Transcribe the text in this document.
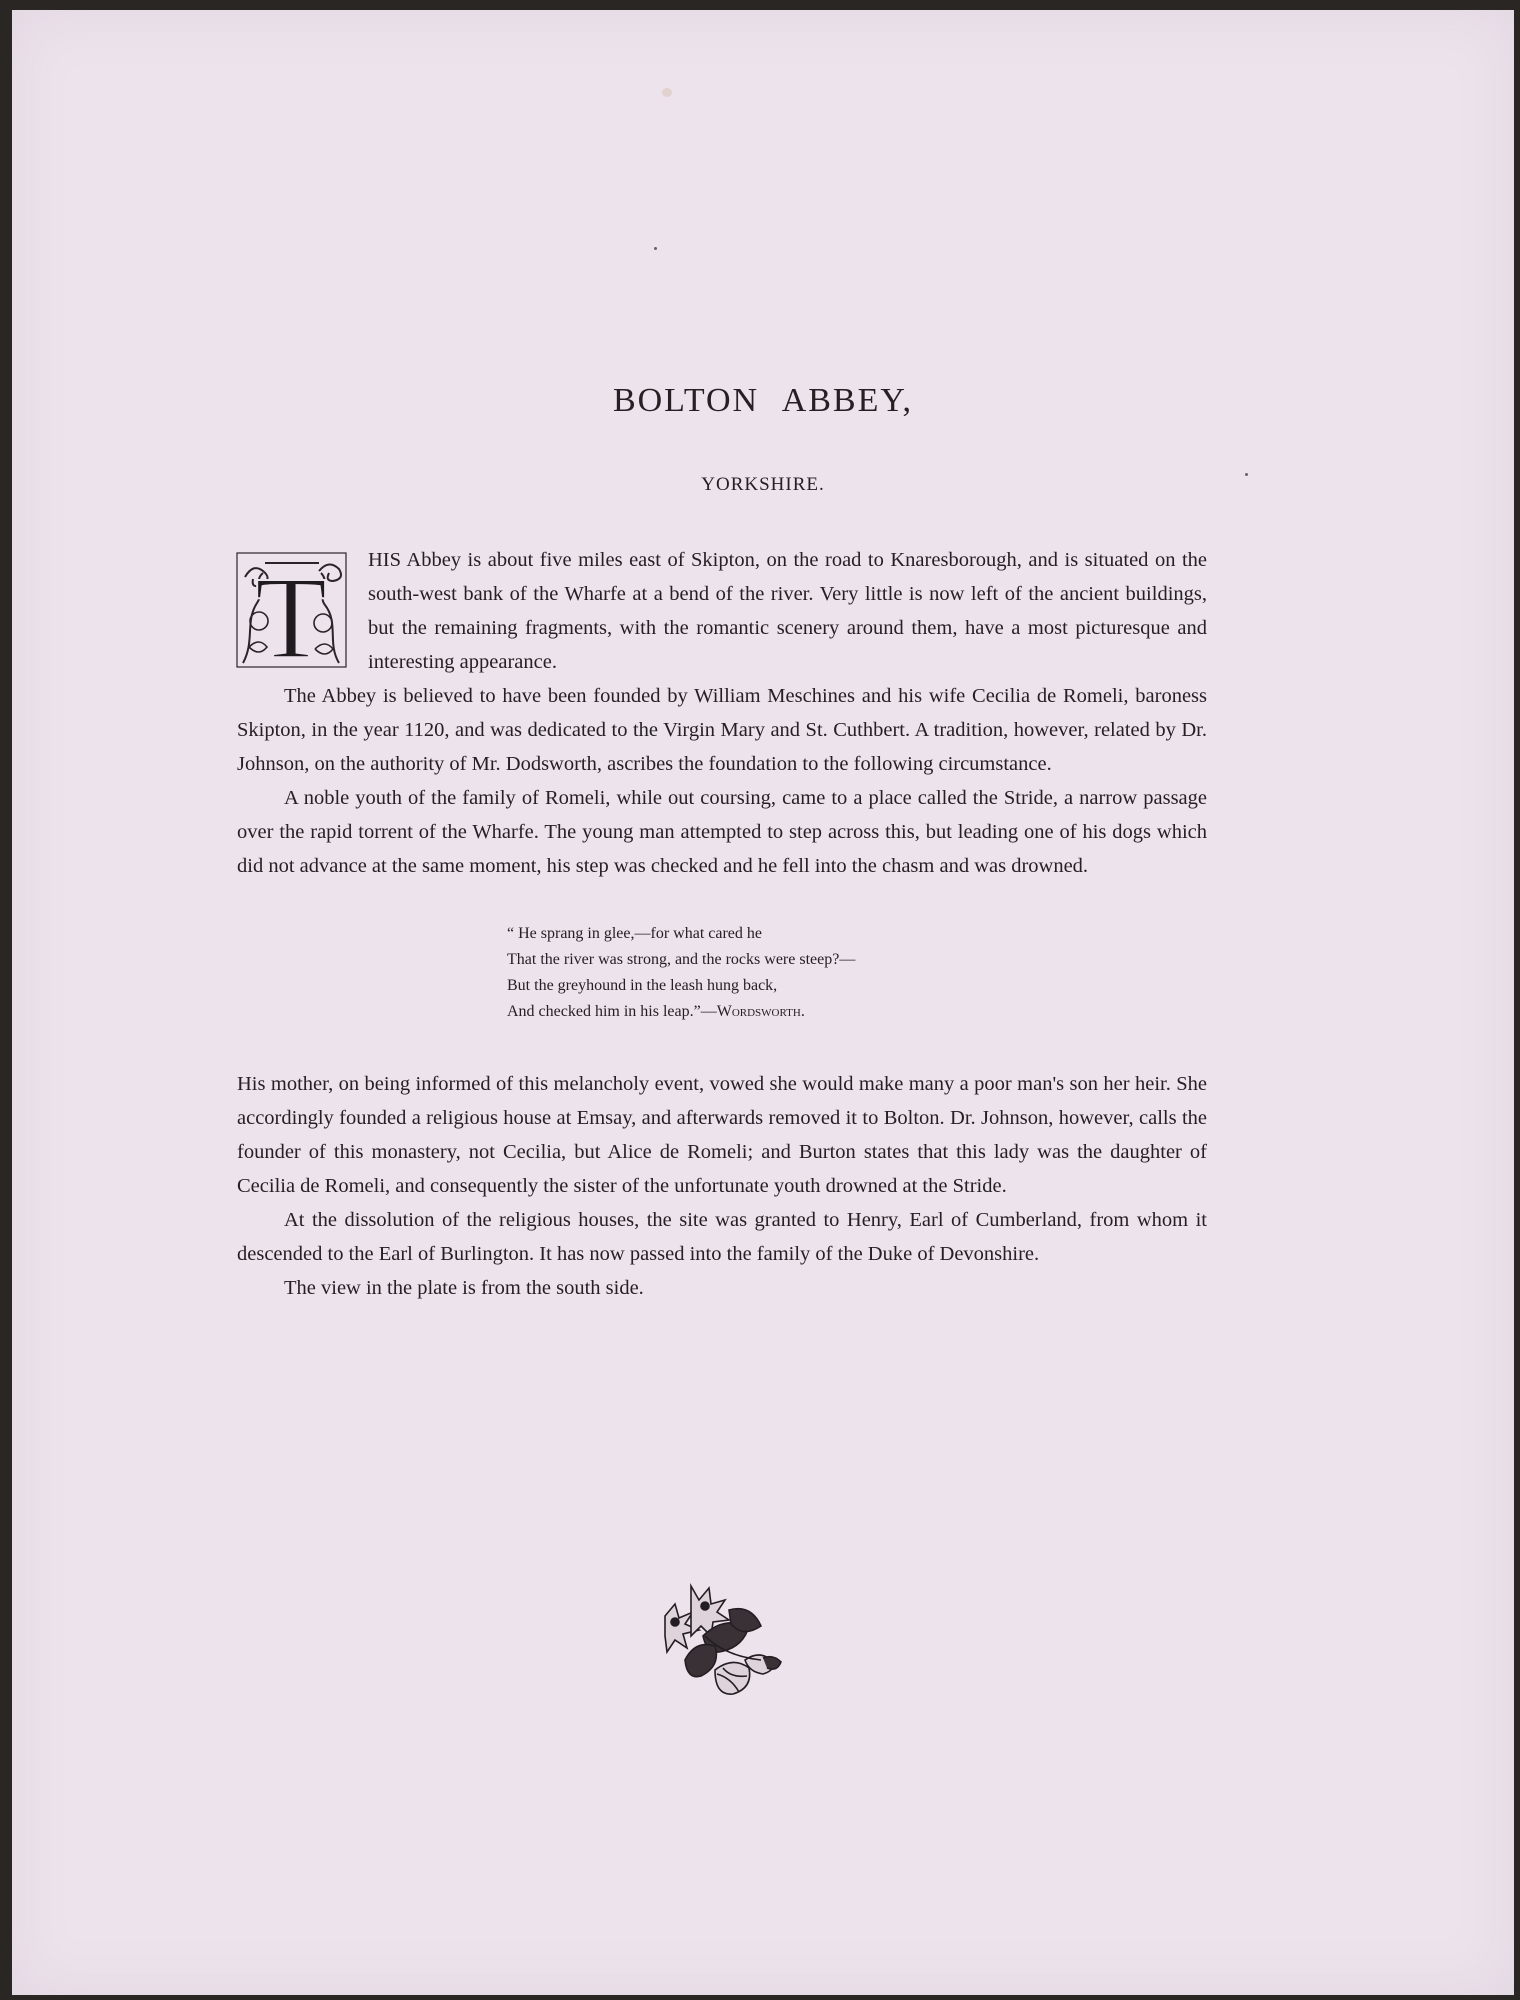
BOLTON ABBEY,
YORKSHIRE.

T HIS Abbey is about five miles east of Skipton, on the road to Knaresborough, and is situated on the south-west bank of the Wharfe at a bend of the river. Very little is now left of the ancient buildings, but the remaining fragments, with the romantic scenery around them, have a most picturesque and interesting appearance.

The Abbey is believed to have been founded by William Meschines and his wife Cecilia de Romeli, baroness Skipton, in the year 1120, and was dedicated to the Virgin Mary and St. Cuthbert. A tradition, however, related by Dr. Johnson, on the authority of Mr. Dodsworth, ascribes the foundation to the following circumstance.

A noble youth of the family of Romeli, while out coursing, came to a place called the Stride, a narrow passage over the rapid torrent of the Wharfe. The young man attempted to step across this, but leading one of his dogs which did not advance at the same moment, his step was checked and he fell into the chasm and was drowned.

“ He sprang in glee,—for what cared he
That the river was strong, and the rocks were steep?—
But the greyhound in the leash hung back,
And checked him in his leap.”—Wordsworth.

His mother, on being informed of this melancholy event, vowed she would make many a poor man's son her heir. She accordingly founded a religious house at Emsay, and afterwards removed it to Bolton. Dr. Johnson, however, calls the founder of this monastery, not Cecilia, but Alice de Romeli; and Burton states that this lady was the daughter of Cecilia de Romeli, and consequently the sister of the unfortunate youth drowned at the Stride.

At the dissolution of the religious houses, the site was granted to Henry, Earl of Cumberland, from whom it descended to the Earl of Burlington. It has now passed into the family of the Duke of Devonshire.

The view in the plate is from the south side.
